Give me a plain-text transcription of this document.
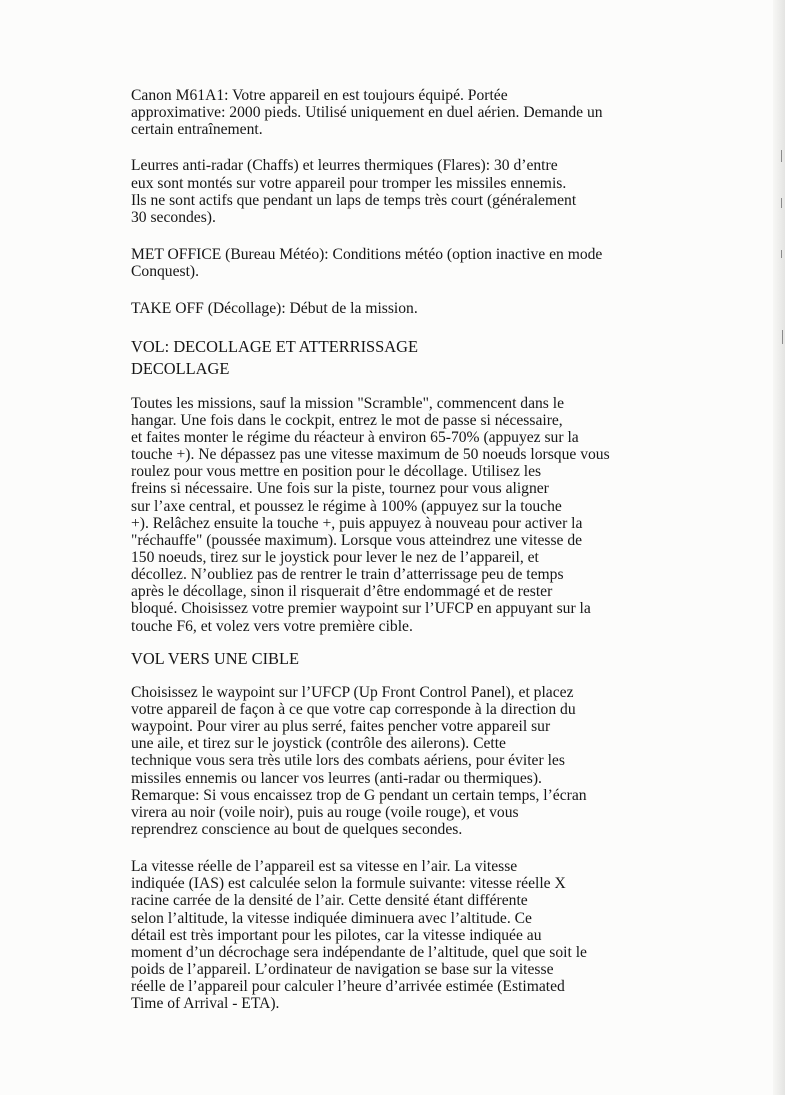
Canon M61A1: Votre appareil en est toujours équipé. Portée
approximative: 2000 pieds. Utilisé uniquement en duel aérien. Demande un
certain entraînement.
Leurres anti-radar (Chaffs) et leurres thermiques (Flares): 30 d’entre
eux sont montés sur votre appareil pour tromper les missiles ennemis.
Ils ne sont actifs que pendant un laps de temps très court (généralement
30 secondes).
MET OFFICE (Bureau Météo): Conditions météo (option inactive en mode
Conquest).
TAKE OFF (Décollage): Début de la mission.
VOL: DECOLLAGE ET ATTERRISSAGE
DECOLLAGE
Toutes les missions, sauf la mission "Scramble", commencent dans le
hangar. Une fois dans le cockpit, entrez le mot de passe si nécessaire,
et faites monter le régime du réacteur à environ 65-70% (appuyez sur la
touche +). Ne dépassez pas une vitesse maximum de 50 noeuds lorsque vous
roulez pour vous mettre en position pour le décollage. Utilisez les
freins si nécessaire. Une fois sur la piste, tournez pour vous aligner
sur l’axe central, et poussez le régime à 100% (appuyez sur la touche
+). Relâchez ensuite la touche +, puis appuyez à nouveau pour activer la
"réchauffe" (poussée maximum). Lorsque vous atteindrez une vitesse de
150 noeuds, tirez sur le joystick pour lever le nez de l’appareil, et
décollez. N’oubliez pas de rentrer le train d’atterrissage peu de temps
après le décollage, sinon il risquerait d’être endommagé et de rester
bloqué. Choisissez votre premier waypoint sur l’UFCP en appuyant sur la
touche F6, et volez vers votre première cible.
VOL VERS UNE CIBLE
Choisissez le waypoint sur l’UFCP (Up Front Control Panel), et placez
votre appareil de façon à ce que votre cap corresponde à la direction du
waypoint. Pour virer au plus serré, faites pencher votre appareil sur
une aile, et tirez sur le joystick (contrôle des ailerons). Cette
technique vous sera très utile lors des combats aériens, pour éviter les
missiles ennemis ou lancer vos leurres (anti-radar ou thermiques).
Remarque: Si vous encaissez trop de G pendant un certain temps, l’écran
virera au noir (voile noir), puis au rouge (voile rouge), et vous
reprendrez conscience au bout de quelques secondes.
La vitesse réelle de l’appareil est sa vitesse en l’air. La vitesse
indiquée (IAS) est calculée selon la formule suivante: vitesse réelle X
racine carrée de la densité de l’air. Cette densité étant différente
selon l’altitude, la vitesse indiquée diminuera avec l’altitude. Ce
détail est très important pour les pilotes, car la vitesse indiquée au
moment d’un décrochage sera indépendante de l’altitude, quel que soit le
poids de l’appareil. L’ordinateur de navigation se base sur la vitesse
réelle de l’appareil pour calculer l’heure d’arrivée estimée (Estimated
Time of Arrival - ETA).
